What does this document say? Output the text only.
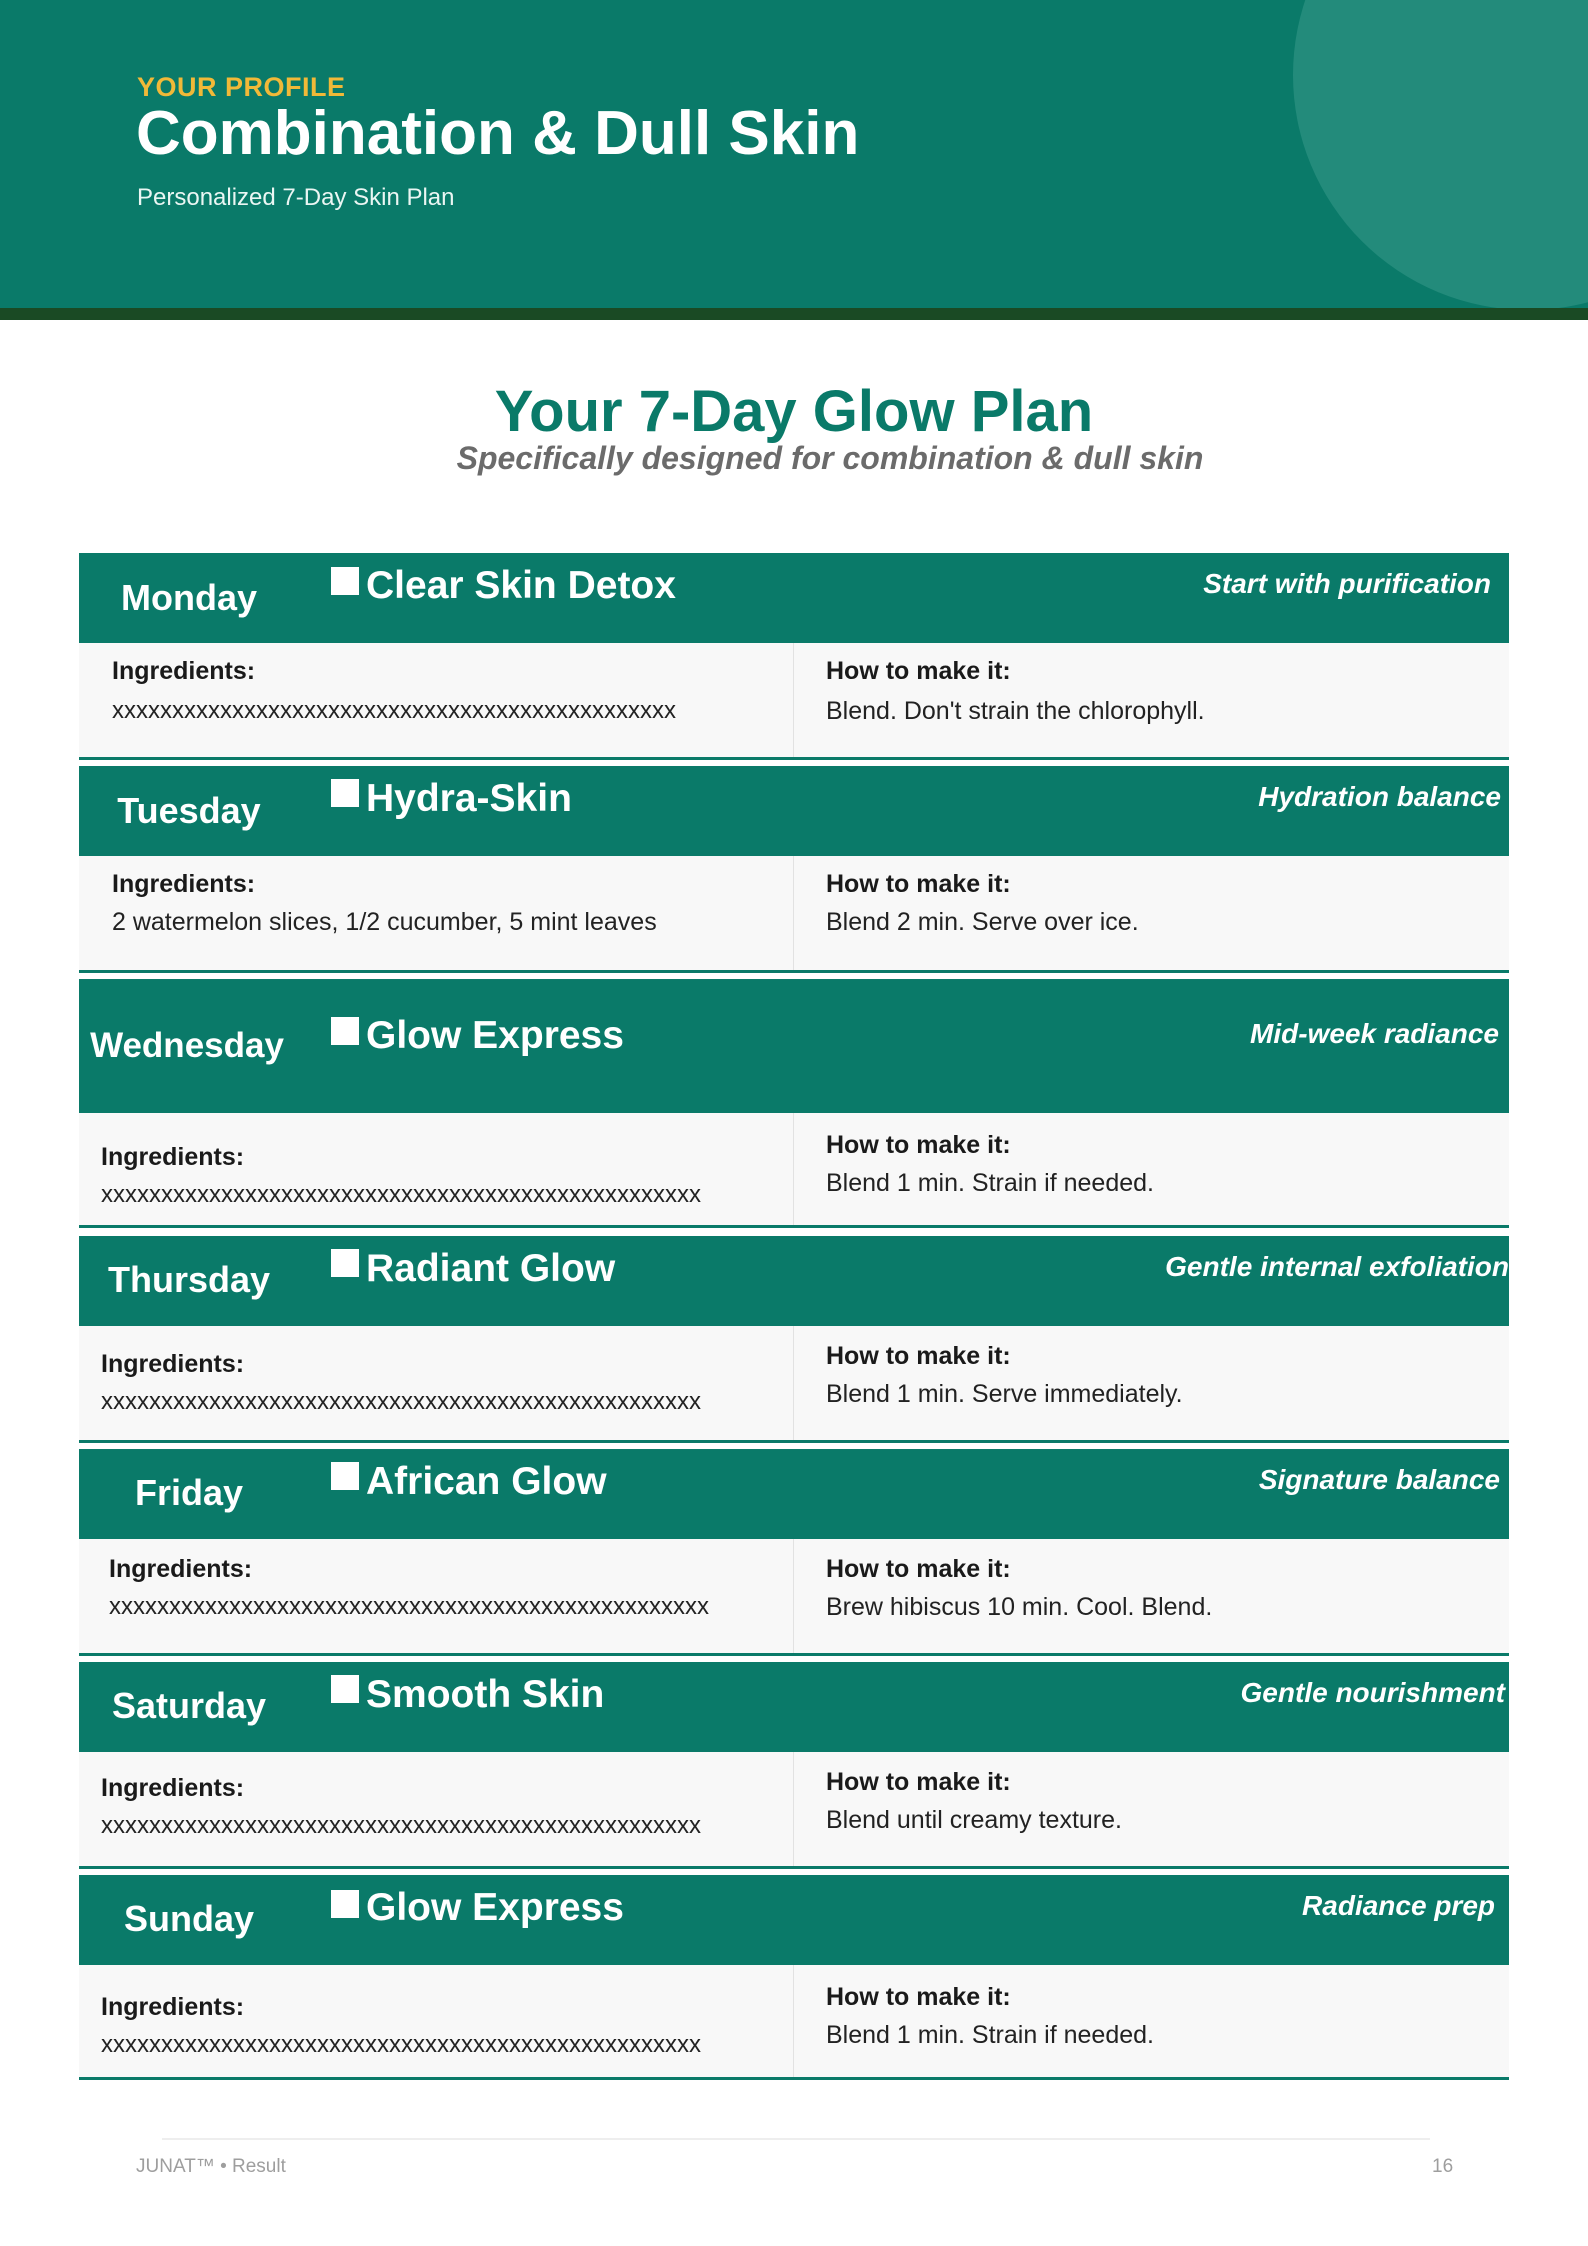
YOUR PROFILE
Combination & Dull Skin
Personalized 7-Day Skin Plan
Your 7-Day Glow Plan
Specifically designed for combination & dull skin
Monday	Clear Skin Detox	Start with purification
Ingredients:
xxxxxxxxxxxxxxxxxxxxxxxxxxxxxxxxxxxxxxxxxxxxxxx
How to make it:
Blend. Don't strain the chlorophyll.
Tuesday	Hydra-Skin	Hydration balance
Ingredients:
2 watermelon slices, 1/2 cucumber, 5 mint leaves
How to make it:
Blend 2 min. Serve over ice.
Wednesday	Glow Express	Mid-week radiance
Ingredients:
xxxxxxxxxxxxxxxxxxxxxxxxxxxxxxxxxxxxxxxxxxxxxxxxxx
How to make it:
Blend 1 min. Strain if needed.
Thursday	Radiant Glow	Gentle internal exfoliation
Ingredients:
xxxxxxxxxxxxxxxxxxxxxxxxxxxxxxxxxxxxxxxxxxxxxxxxxx
How to make it:
Blend 1 min. Serve immediately.
Friday	African Glow	Signature balance
Ingredients:
xxxxxxxxxxxxxxxxxxxxxxxxxxxxxxxxxxxxxxxxxxxxxxxxxx
How to make it:
Brew hibiscus 10 min. Cool. Blend.
Saturday	Smooth Skin	Gentle nourishment
Ingredients:
xxxxxxxxxxxxxxxxxxxxxxxxxxxxxxxxxxxxxxxxxxxxxxxxxx
How to make it:
Blend until creamy texture.
Sunday	Glow Express	Radiance prep
Ingredients:
xxxxxxxxxxxxxxxxxxxxxxxxxxxxxxxxxxxxxxxxxxxxxxxxxx
How to make it:
Blend 1 min. Strain if needed.
JUNAT™ • Result	16
